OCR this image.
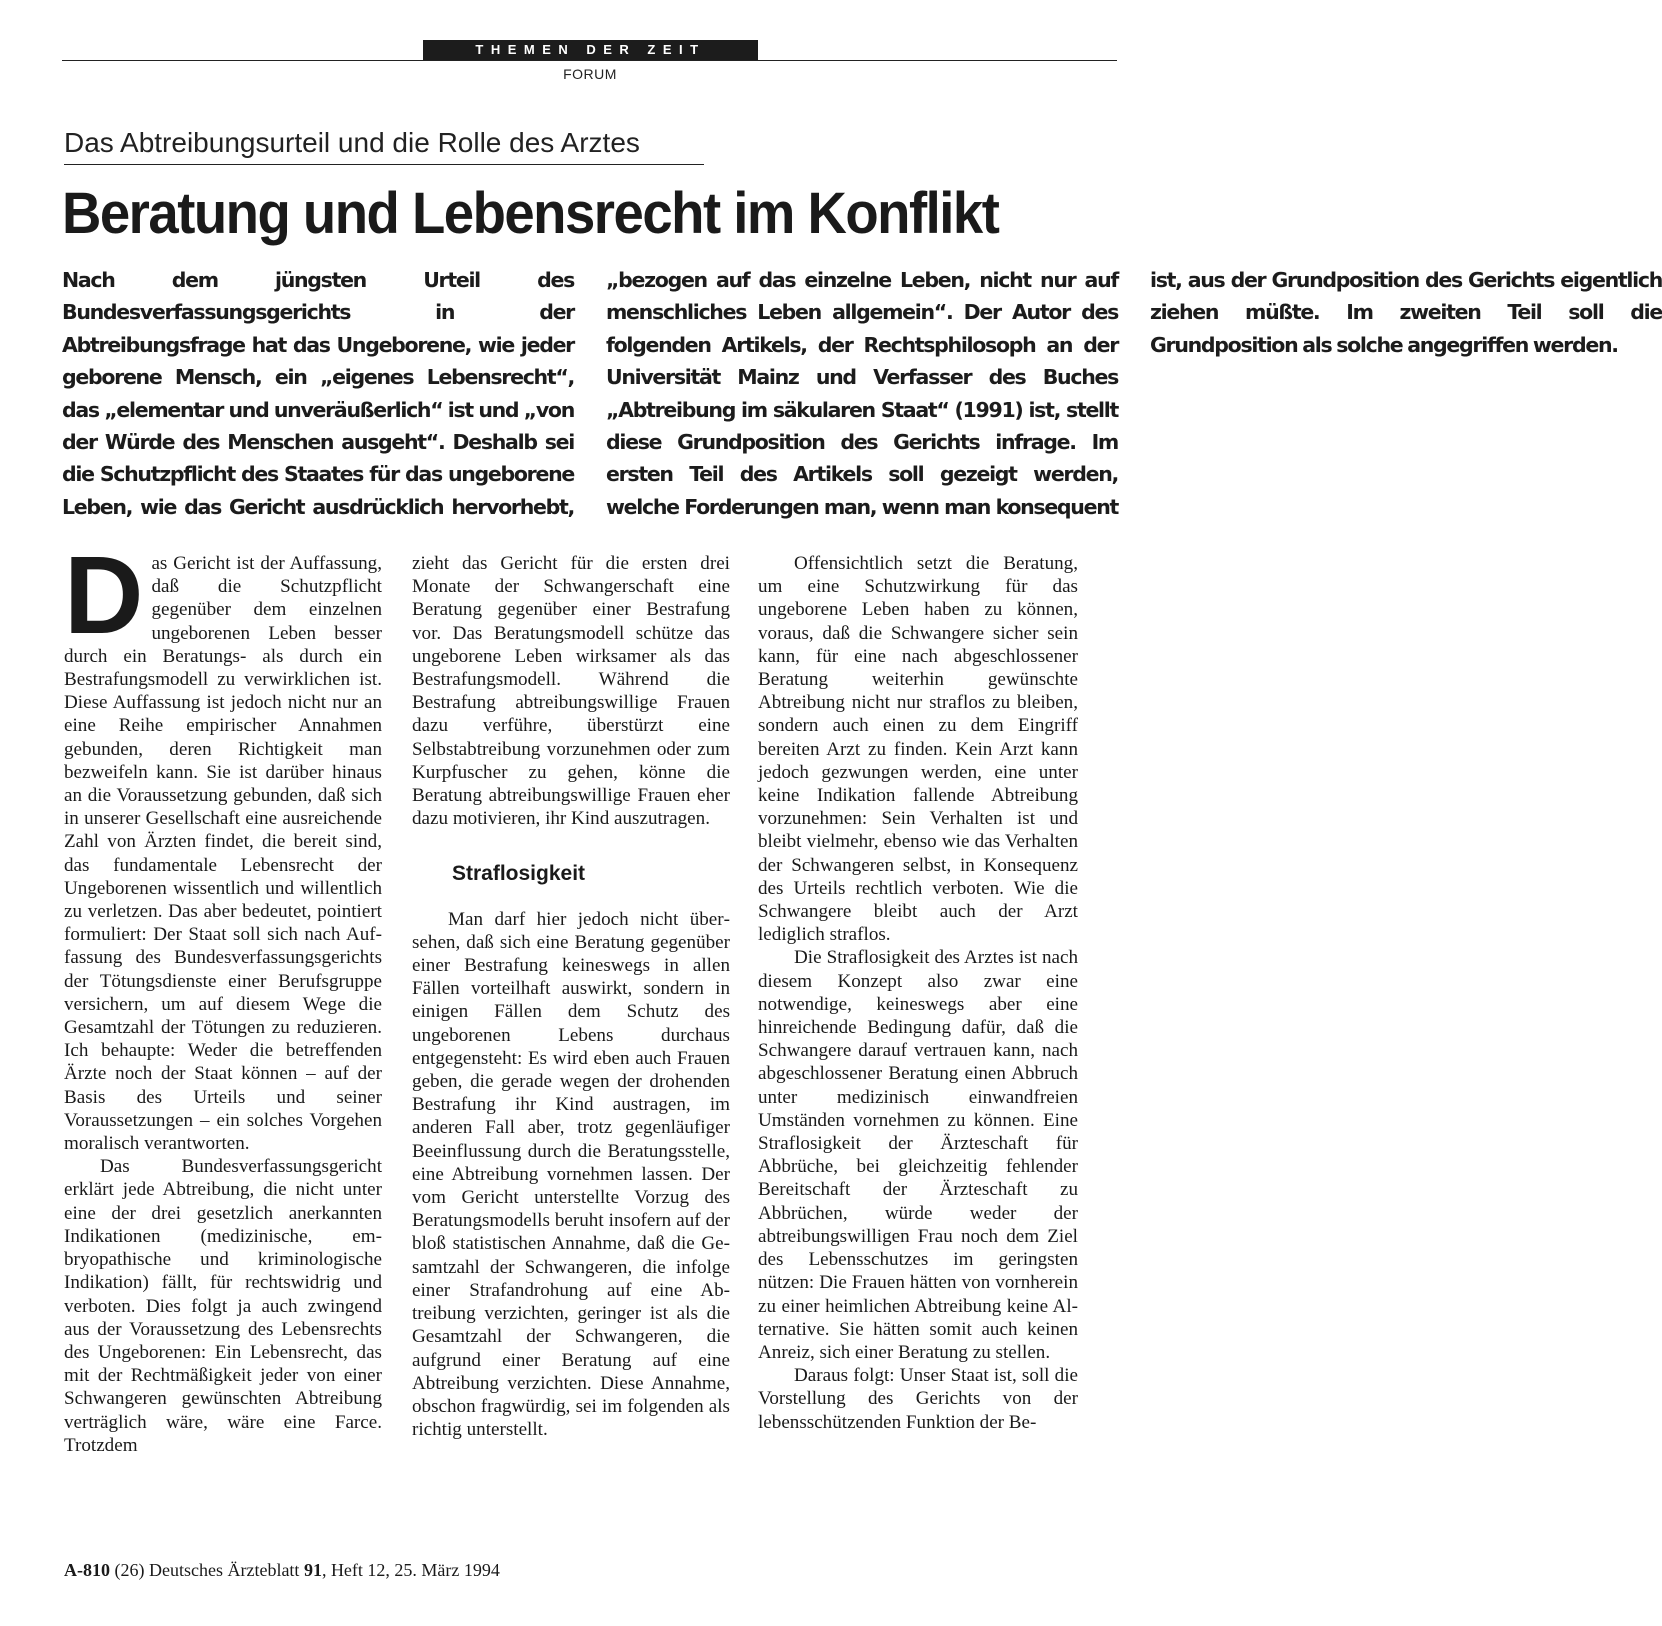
THEMEN DER ZEIT
FORUM
Das Abtreibungsurteil und die Rolle des Arztes
Beratung und Lebensrecht im Konflikt
Nach dem jüngsten Urteil des Bundesverfassungsgerichts in der Abtreibungsfrage hat das Ungeborene, wie jeder geborene Mensch, ein „eigenes Lebensrecht“, das „elementar und unveräußerlich“ ist und „von der Würde des Menschen ausgeht“. Deshalb sei die Schutzpflicht des Staates für das ungeborene Leben, wie das Gericht ausdrücklich hervorhebt, „bezogen auf das einzelne Leben, nicht nur auf menschliches Leben allgemein“. Der Autor des folgenden Artikels, der Rechtsphilosoph an der Universität Mainz und Verfasser des Buches „Abtreibung im säkularen Staat“ (1991) ist, stellt diese Grundposition des Gerichts infrage. Im ersten Teil des Artikels soll gezeigt werden, welche Forderungen man, wenn man konsequent ist, aus der Grundposition des Gerichts eigentlich ziehen müßte. Im zweiten Teil soll die Grundposition als solche angegriffen werden.

Das Gericht ist der Auffassung, daß die Schutzpflicht gegenüber dem einzelnen ungeborenen Leben besser durch ein Beratungs- als durch ein Bestrafungsmodell zu verwirklichen ist. Diese Auffassung ist jedoch nicht nur an eine Reihe empirischer Annahmen gebunden, deren Richtigkeit man bezweifeln kann. Sie ist darüber hinaus an die Voraussetzung gebunden, daß sich in unserer Gesellschaft eine ausreichende Zahl von Ärzten findet, die bereit sind, das fundamentale Lebensrecht der Ungeborenen wissentlich und willentlich zu verletzen. Das aber bedeutet, pointiert formuliert: Der Staat soll sich nach Auffassung des Bundesverfassungsgerichts der Tötungsdienste einer Berufsgruppe versichern, um auf diesem Wege die Gesamtzahl der Tötungen zu reduzieren. Ich behaupte: Weder die betreffenden Ärzte noch der Staat können – auf der Basis des Urteils und seiner Voraussetzungen – ein solches Vorgehen moralisch verantworten.

Das Bundesverfassungsgericht erklärt jede Abtreibung, die nicht unter eine der drei gesetzlich anerkannten Indikationen (medizinische, embryopathische und kriminologische Indikation) fällt, für rechtswidrig und verboten. Dies folgt ja auch zwingend aus der Voraussetzung des Lebensrechts des Ungeborenen: Ein Lebensrecht, das mit der Rechtmäßigkeit jeder von einer Schwangeren gewünschten Abtreibung verträglich wäre, wäre eine Farce. Trotzdem

zieht das Gericht für die ersten drei Monate der Schwangerschaft eine Beratung gegenüber einer Bestrafung vor. Das Beratungsmodell schütze das ungeborene Leben wirksamer als das Bestrafungsmodell. Während die Bestrafung abtreibungswillige Frauen dazu verführe, überstürzt eine Selbstabtreibung vorzunehmen oder zum Kurpfuscher zu gehen, könne die Beratung abtreibungswillige Frauen eher dazu motivieren, ihr Kind auszutragen.

Straflosigkeit

Man darf hier jedoch nicht übersehen, daß sich eine Beratung gegenüber einer Bestrafung keineswegs in allen Fällen vorteilhaft auswirkt, sondern in einigen Fällen dem Schutz des ungeborenen Lebens durchaus entgegensteht: Es wird eben auch Frauen geben, die gerade wegen der drohenden Bestrafung ihr Kind austragen, im anderen Fall aber, trotz gegenläufiger Beeinflussung durch die Beratungsstelle, eine Abtreibung vornehmen lassen. Der vom Gericht unterstellte Vorzug des Beratungsmodells beruht insofern auf der bloß statistischen Annahme, daß die Gesamtzahl der Schwangeren, die infolge einer Strafandrohung auf eine Abtreibung verzichten, geringer ist als die Gesamtzahl der Schwangeren, die aufgrund einer Beratung auf eine Abtreibung verzichten. Diese Annahme, obschon fragwürdig, sei im folgenden als richtig unterstellt.

Offensichtlich setzt die Beratung, um eine Schutzwirkung für das ungeborene Leben haben zu können, voraus, daß die Schwangere sicher sein kann, für eine nach abgeschlossener Beratung weiterhin gewünschte Abtreibung nicht nur straflos zu bleiben, sondern auch einen zu dem Eingriff bereiten Arzt zu finden. Kein Arzt kann jedoch gezwungen werden, eine unter keine Indikation fallende Abtreibung vorzunehmen: Sein Verhalten ist und bleibt vielmehr, ebenso wie das Verhalten der Schwangeren selbst, in Konsequenz des Urteils rechtlich verboten. Wie die Schwangere bleibt auch der Arzt lediglich straflos.

Die Straflosigkeit des Arztes ist nach diesem Konzept also zwar eine notwendige, keineswegs aber eine hinreichende Bedingung dafür, daß die Schwangere darauf vertrauen kann, nach abgeschlossener Beratung einen Abbruch unter medizinisch einwandfreien Umständen vornehmen zu können. Eine Straflosigkeit der Ärzteschaft für Abbrüche, bei gleichzeitig fehlender Bereitschaft der Ärzteschaft zu Abbrüchen, würde weder der abtreibungswilligen Frau noch dem Ziel des Lebensschutzes im geringsten nützen: Die Frauen hätten von vornherein zu einer heimlichen Abtreibung keine Alternative. Sie hätten somit auch keinen Anreiz, sich einer Beratung zu stellen.

Daraus folgt: Unser Staat ist, soll die Vorstellung des Gerichts von der lebensschützenden Funktion der Be-

A-810 (26) Deutsches Ärzteblatt 91, Heft 12, 25. März 1994
